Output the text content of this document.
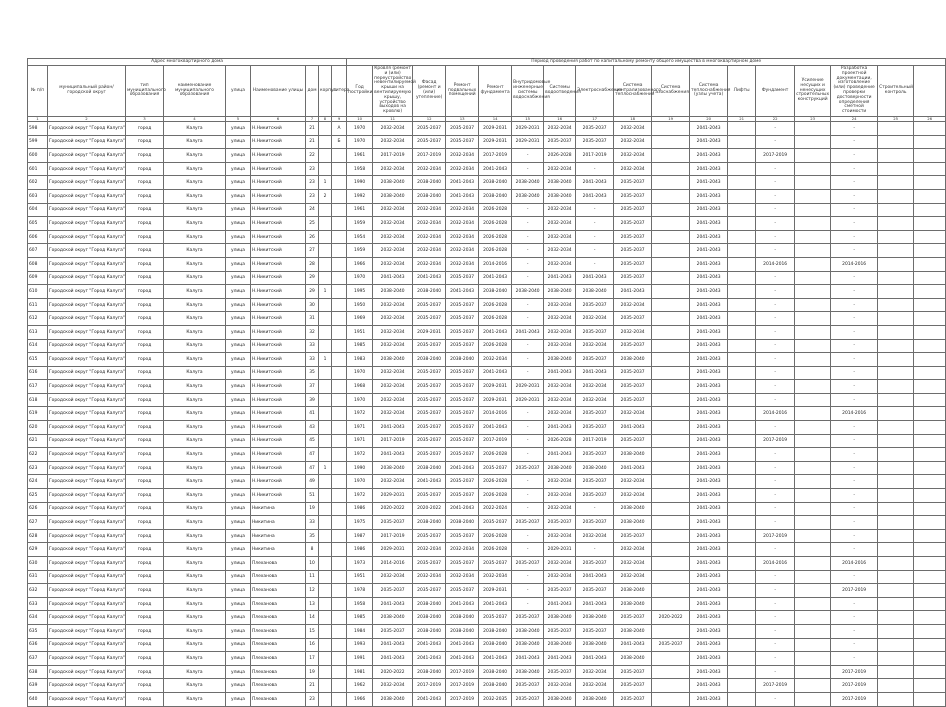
Адрес многоквартирного дома									Период проведения работ по капитальному ремонту общего имущества в многоквартирном доме																
№ п/п	муниципальный район/городской округ	тип муниципального образования	наименование муниципального образования	улица	Наименование улицы	дом	корпус	литера	Год постройки	Кровля (ремонт и (или) переустройство невентилируемой крыши на вентилируемую крышу, устройство выходов на кровлю)	Фасад (ремонт и (или) утепление)	Ремонт подвальных помещений	Ремонт фундамента	Внутридомовые инженерные системы водоснабжения	Системы водоотведения	Электроснабжение	Система централизованного теплоснабжения	Система газоснабжения	Система теплоснабжения (узлы учета)	Лифты	Фундамент	Усиление несущих и ненесущих строительных конструкций	Разработка проектной документации, изготовление (или) проведение проверки достоверности определения сметной стоимости	Строительный контроль	
1	2	3	4	5	6	7	8	9	10	11	12	13	14	15	16	17	18	19	20	21	22	23	24	25	26
598	Городской округ "Город Калуга"	город	Калуга	улица	Н.Никитский	21		А	1970	2032-2034	2035-2037	2035-2037	2029-2031	2029-2031	2032-2034	2035-2037	2032-2034		2041-2043		-		-		
599	Городской округ "Город Калуга"	город	Калуга	улица	Н.Никитский	21		Б	1970	2032-2034	2035-2037	2035-2037	2029-2031	2029-2031	2035-2037	2035-2037	2032-2034		2041-2043		-		-		
600	Городской округ "Город Калуга"	город	Калуга	улица	Н.Никитский	22			1961	2017-2019	2017-2019	2032-2034	2017-2019	-	2026-2028	2017-2019	2032-2034		2041-2043		2017-2019		-		
601	Городской округ "Город Калуга"	город	Калуга	улица	Н.Никитский	23			1958	2032-2034	2032-2034	2032-2034	2041-2043	-	2032-2034	-	2032-2034		2041-2043		-		-		
602	Городской округ "Город Калуга"	город	Калуга	улица	Н.Никитский	23	1		1990	2038-2040	2038-2040	2041-2043	2038-2040	2038-2040	2038-2040	2041-2043	2035-2037		2041-2043		-		-		
603	Городской округ "Город Калуга"	город	Калуга	улица	Н.Никитский	23	2		1992	2038-2040	2038-2040	2041-2043	2038-2040	2038-2040	2038-2040	2041-2043	2035-2037		2041-2043		-		-		
604	Городской округ "Город Калуга"	город	Калуга	улица	Н.Никитский	24			1961	2032-2034	2032-2034	2032-2034	2026-2028	-	2032-2034	-	2035-2037		2041-2043		-		-		
605	Городской округ "Город Калуга"	город	Калуга	улица	Н.Никитский	25			1959	2032-2034	2032-2034	2032-2034	2026-2028	-	2032-2034	-	2035-2037		2041-2043		-		-		
606	Городской округ "Город Калуга"	город	Калуга	улица	Н.Никитский	26			1954	2032-2034	2032-2034	2032-2034	2026-2028	-	2032-2034	-	2035-2037		2041-2043		-		-		
607	Городской округ "Город Калуга"	город	Калуга	улица	Н.Никитский	27			1959	2032-2034	2032-2034	2032-2034	2026-2028	-	2032-2034	-	2035-2037		2041-2043		-		-		
608	Городской округ "Город Калуга"	город	Калуга	улица	Н.Никитский	28			1966	2032-2034	2032-2034	2032-2034	2014-2016	-	2032-2034	-	2035-2037		2041-2043		2014-2016		2014-2016		
609	Городской округ "Город Калуга"	город	Калуга	улица	Н.Никитский	29			1970	2041-2043	2041-2043	2035-2037	2041-2043	-	2041-2043	2041-2043	2035-2037		2041-2043		-		-		
610	Городской округ "Город Калуга"	город	Калуга	улица	Н.Никитский	29	1		1995	2038-2040	2038-2040	2041-2043	2038-2040	2038-2040	2038-2040	2038-2040	2041-2043		2041-2043		-		-		
611	Городской округ "Город Калуга"	город	Калуга	улица	Н.Никитский	30			1950	2032-2034	2035-2037	2035-2037	2026-2028	-	2032-2034	2035-2037	2032-2034		2041-2043		-		-		
612	Городской округ "Город Калуга"	город	Калуга	улица	Н.Никитский	31			1969	2032-2034	2035-2037	2035-2037	2026-2028	-	2032-2034	2032-2034	2035-2037		2041-2043		-		-		
613	Городской округ "Город Калуга"	город	Калуга	улица	Н.Никитский	32			1951	2032-2034	2029-2031	2035-2037	2041-2043	2041-2043	2032-2034	2035-2037	2032-2034		2041-2043		-		-		
614	Городской округ "Город Калуга"	город	Калуга	улица	Н.Никитский	33			1985	2032-2034	2035-2037	2035-2037	2026-2028	-	2032-2034	2032-2034	2035-2037		2041-2043		-		-		
615	Городской округ "Город Калуга"	город	Калуга	улица	Н.Никитский	33	1		1983	2038-2040	2038-2040	2038-2040	2032-2034	-	2038-2040	2035-2037	2038-2040		2041-2043		-		-		
616	Городской округ "Город Калуга"	город	Калуга	улица	Н.Никитский	35			1970	2032-2034	2035-2037	2035-2037	2041-2043	-	2041-2043	2041-2043	2035-2037		2041-2043		-		-		
617	Городской округ "Город Калуга"	город	Калуга	улица	Н.Никитский	37			1968	2032-2034	2035-2037	2035-2037	2029-2031	2029-2031	2032-2034	2032-2034	2035-2037		2041-2043		-		-		
618	Городской округ "Город Калуга"	город	Калуга	улица	Н.Никитский	39			1970	2032-2034	2035-2037	2035-2037	2029-2031	2029-2031	2032-2034	2032-2034	2035-2037		2041-2043		-		-		
619	Городской округ "Город Калуга"	город	Калуга	улица	Н.Никитский	41			1972	2032-2034	2035-2037	2035-2037	2014-2016	-	2032-2034	2035-2037	2032-2034		2041-2043		2014-2016		2014-2016		
620	Городской округ "Город Калуга"	город	Калуга	улица	Н.Никитский	43			1971	2041-2043	2035-2037	2035-2037	2041-2043	-	2041-2043	2035-2037	2041-2043		2041-2043		-		-		
621	Городской округ "Город Калуга"	город	Калуга	улица	Н.Никитский	45			1971	2017-2019	2035-2037	2035-2037	2017-2019	-	2026-2028	2017-2019	2035-2037		2041-2043		2017-2019		-		
622	Городской округ "Город Калуга"	город	Калуга	улица	Н.Никитский	47			1972	2041-2043	2035-2037	2035-2037	2026-2028	-	2041-2043	2035-2037	2038-2040		2041-2043		-		-		
623	Городской округ "Город Калуга"	город	Калуга	улица	Н.Никитский	47	1		1990	2038-2040	2038-2040	2041-2043	2035-2037	2035-2037	2038-2040	2038-2040	2041-2043		2041-2043		-		-		
624	Городской округ "Город Калуга"	город	Калуга	улица	Н.Никитский	49			1970	2032-2034	2041-2043	2035-2037	2026-2028	-	2032-2034	2035-2037	2032-2034		2041-2043		-		-		
625	Городской округ "Город Калуга"	город	Калуга	улица	Н.Никитский	51			1972	2029-2031	2035-2037	2035-2037	2026-2028	-	2032-2034	2035-2037	2032-2034		2041-2043		-		-		
626	Городской округ "Город Калуга"	город	Калуга	улица	Никитина	19			1986	2020-2022	2020-2022	2041-2043	2022-2024	-	2032-2034	-	2038-2040		2041-2043		-		-		
627	Городской округ "Город Калуга"	город	Калуга	улица	Никитина	33			1975	2035-2037	2038-2040	2038-2040	2035-2037	2035-2037	2035-2037	2035-2037	2038-2040		2041-2043		-		-		
628	Городской округ "Город Калуга"	город	Калуга	улица	Никитина	35			1987	2017-2019	2035-2037	2035-2037	2026-2028	-	2032-2034	2032-2034	2035-2037		2041-2043		2017-2019		-		
629	Городской округ "Город Калуга"	город	Калуга	улица	Никитина	8			1986	2029-2031	2032-2034	2032-2034	2026-2028	-	2029-2031	-	2032-2034		2041-2043		-		-		
630	Городской округ "Город Калуга"	город	Калуга	улица	Плеханова	10			1973	2014-2016	2035-2037	2035-2037	2035-2037	2035-2037	2032-2034	2035-2037	2032-2034		2041-2043		2014-2016		2014-2016		
631	Городской округ "Город Калуга"	город	Калуга	улица	Плеханова	11			1951	2032-2034	2032-2034	2032-2034	2032-2034	-	2032-2034	2041-2043	2032-2034		2041-2043		-		-		
632	Городской округ "Город Калуга"	город	Калуга	улица	Плеханова	12			1978	2035-2037	2035-2037	2035-2037	2029-2031	-	2035-2037	2035-2037	2038-2040		2041-2043		-		2017-2019		
633	Городской округ "Город Калуга"	город	Калуга	улица	Плеханова	13			1958	2041-2043	2038-2040	2041-2043	2041-2043	-	2041-2043	2041-2043	2038-2040		2041-2043		-		-		
634	Городской округ "Город Калуга"	город	Калуга	улица	Плеханова	14			1985	2038-2040	2038-2040	2038-2040	2035-2037	2035-2037	2038-2040	2038-2040	2035-2037	2020-2022	2041-2043		-		-		
635	Городской округ "Город Калуга"	город	Калуга	улица	Плеханова	15			1984	2035-2037	2038-2040	2038-2040	2038-2040	2038-2040	2035-2037	2035-2037	2038-2040		2041-2043		-		-		
636	Городской округ "Город Калуга"	город	Калуга	улица	Плеханова	16			1993	2041-2043	2041-2043	2041-2043	2038-2040	2038-2040	2038-2040	2038-2040	2041-2043	2035-2037	2041-2043		-		-		
637	Городской округ "Город Калуга"	город	Калуга	улица	Плеханова	17			1991	2041-2043	2041-2043	2041-2043	2041-2043	2041-2043	2041-2043	2041-2043	2038-2040		2041-2043		-		-		
638	Городской округ "Город Калуга"	город	Калуга	улица	Плеханова	19			1981	2020-2022	2038-2040	2017-2019	2038-2040	2038-2040	2035-2037	2032-2034	2035-2037		2041-2043		-		2017-2019		
639	Городской округ "Город Калуга"	город	Калуга	улица	Плеханова	21			1962	2032-2034	2017-2019	2017-2019	2038-2040	2035-2037	2032-2034	2032-2034	2035-2037		2041-2043		2017-2019		2017-2019		
640	Городской округ "Город Калуга"	город	Калуга	улица	Плеханова	23			1966	2038-2040	2041-2043	2017-2019	2032-2035	2035-2037	2038-2040	2038-2040	2035-2037		2041-2043		-		2017-2019		
